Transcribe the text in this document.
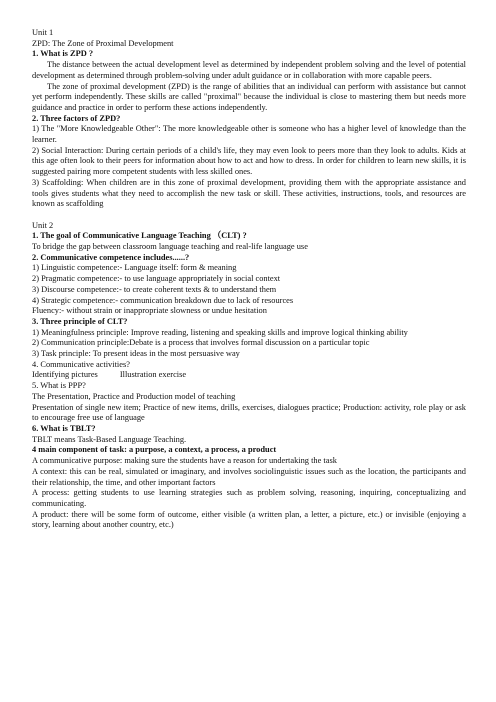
Unit 1

ZPD: The Zone of Proximal Development

1. What is ZPD ?

The distance between the actual development level as determined by independent problem solving and the level of potential development as determined through problem-solving under adult guidance or in collaboration with more capable peers.

The zone of proximal development (ZPD) is the range of abilities that an individual can perform with assistance but cannot yet perform independently. These skills are called "proximal" because the individual is close to mastering them but needs more guidance and practice in order to perform these actions independently.

2. Three factors of ZPD?

1) The "More Knowledgeable Other": The more knowledgeable other is someone who has a higher level of knowledge than the learner.

2) Social Interaction: During certain periods of a child's life, they may even look to peers more than they look to adults. Kids at this age often look to their peers for information about how to act and how to dress. In order for children to learn new skills, it is suggested pairing more competent students with less skilled ones.

3) Scaffolding: When children are in this zone of proximal development, providing them with the appropriate assistance and tools gives students what they need to accomplish the new task or skill. These activities, instructions, tools, and resources are known as scaffolding

Unit 2

1. The goal of Communicative Language Teaching （CLT) ?

To bridge the gap between classroom language teaching and real-life language use

2. Communicative competence includes......?

1) Linguistic competence:- Language itself: form & meaning

2) Pragmatic competence:- to use language appropriately in social context

3) Discourse competence:- to create coherent texts & to understand them

4) Strategic competence:- communication breakdown due to lack of resources

Fluency:- without strain or inappropriate slowness or undue hesitation

3. Three principle of CLT?

1) Meaningfulness principle: Improve reading, listening and speaking skills and improve logical thinking ability

2) Communication principle:Debate is a process that involves formal discussion on a particular topic

3) Task principle: To present ideas in the most persuasive way

4. Communicative activities?

Identifying pictures	Illustration exercise

5. What is PPP?

The Presentation, Practice and Production model of teaching

Presentation of single new item; Practice of new items, drills, exercises, dialogues practice; Production: activity, role play or ask to encourage free use of language

6. What is TBLT?

TBLT means Task-Based Language Teaching.

4 main component of task: a purpose, a context, a process, a product

A communicative purpose: making sure the students have a reason for undertaking the task

A context: this can be real, simulated or imaginary, and involves sociolinguistic issues such as the location, the participants and their relationship, the time, and other important factors

A process: getting students to use learning strategies such as problem solving, reasoning, inquiring, conceptualizing and communicating.

A product: there will be some form of outcome, either visible (a written plan, a letter, a picture, etc.) or invisible (enjoying a story, learning about another country, etc.)
